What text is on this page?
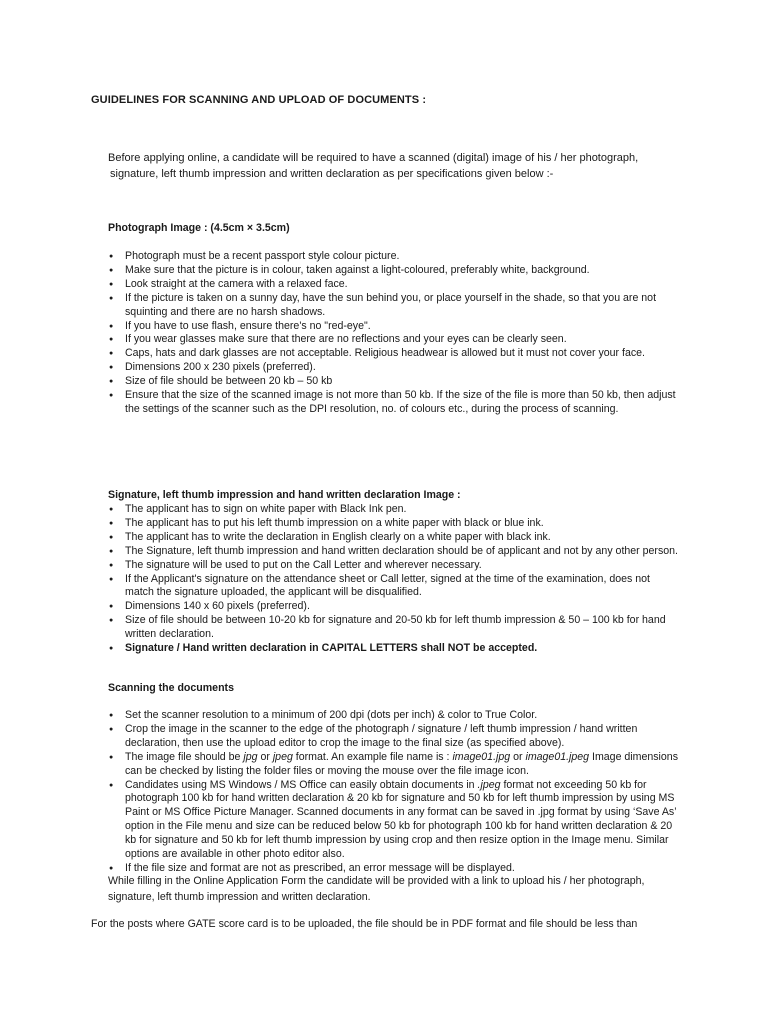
GUIDELINES FOR SCANNING AND UPLOAD OF DOCUMENTS :
Before applying online, a candidate will be required to have a scanned (digital) image of his / her photograph,
signature, left thumb impression and written declaration as per specifications given below :-
Photograph Image : (4.5cm × 3.5cm)
● Photograph must be a recent passport style colour picture.
● Make sure that the picture is in colour, taken against a light-coloured, preferably white, background.
● Look straight at the camera with a relaxed face.
● If the picture is taken on a sunny day, have the sun behind you, or place yourself in the shade, so that you are not squinting and there are no harsh shadows.
● If you have to use flash, ensure there's no "red-eye".
● If you wear glasses make sure that there are no reflections and your eyes can be clearly seen.
● Caps, hats and dark glasses are not acceptable. Religious headwear is allowed but it must not cover your face.
● Dimensions 200 x 230 pixels (preferred).
● Size of file should be between 20 kb – 50 kb
● Ensure that the size of the scanned image is not more than 50 kb. If the size of the file is more than 50 kb, then adjust the settings of the scanner such as the DPI resolution, no. of colours etc., during the process of scanning.
Signature, left thumb impression and hand written declaration Image :
● The applicant has to sign on white paper with Black Ink pen.
● The applicant has to put his left thumb impression on a white paper with black or blue ink.
● The applicant has to write the declaration in English clearly on a white paper with black ink.
● The Signature, left thumb impression and hand written declaration should be of applicant and not by any other person.
● The signature will be used to put on the Call Letter and wherever necessary.
● If the Applicant's signature on the attendance sheet or Call letter, signed at the time of the examination, does not match the signature uploaded, the applicant will be disqualified.
● Dimensions 140 x 60 pixels (preferred).
● Size of file should be between 10-20 kb for signature and 20-50 kb for left thumb impression & 50 – 100 kb for hand written declaration.
● Signature / Hand written declaration in CAPITAL LETTERS shall NOT be accepted.
Scanning the documents
● Set the scanner resolution to a minimum of 200 dpi (dots per inch) & color to True Color.
● Crop the image in the scanner to the edge of the photograph / signature / left thumb impression / hand written declaration, then use the upload editor to crop the image to the final size (as specified above).
● The image file should be jpg or jpeg format. An example file name is : image01.jpg or image01.jpeg Image dimensions can be checked by listing the folder files or moving the mouse over the file image icon.
● Candidates using MS Windows / MS Office can easily obtain documents in .jpeg format not exceeding 50 kb for photograph 100 kb for hand written declaration & 20 kb for signature and 50 kb for left thumb impression by using MS Paint or MS Office Picture Manager. Scanned documents in any format can be saved in .jpg format by using ‘Save As’ option in the File menu and size can be reduced below 50 kb for photograph 100 kb for hand written declaration & 20 kb for signature and 50 kb for left thumb impression by using crop and then resize option in the Image menu. Similar options are available in other photo editor also.
● If the file size and format are not as prescribed, an error message will be displayed.
While filling in the Online Application Form the candidate will be provided with a link to upload his / her photograph,
signature, left thumb impression and written declaration.
For the posts where GATE score card is to be uploaded, the file should be in PDF format and file should be less than
